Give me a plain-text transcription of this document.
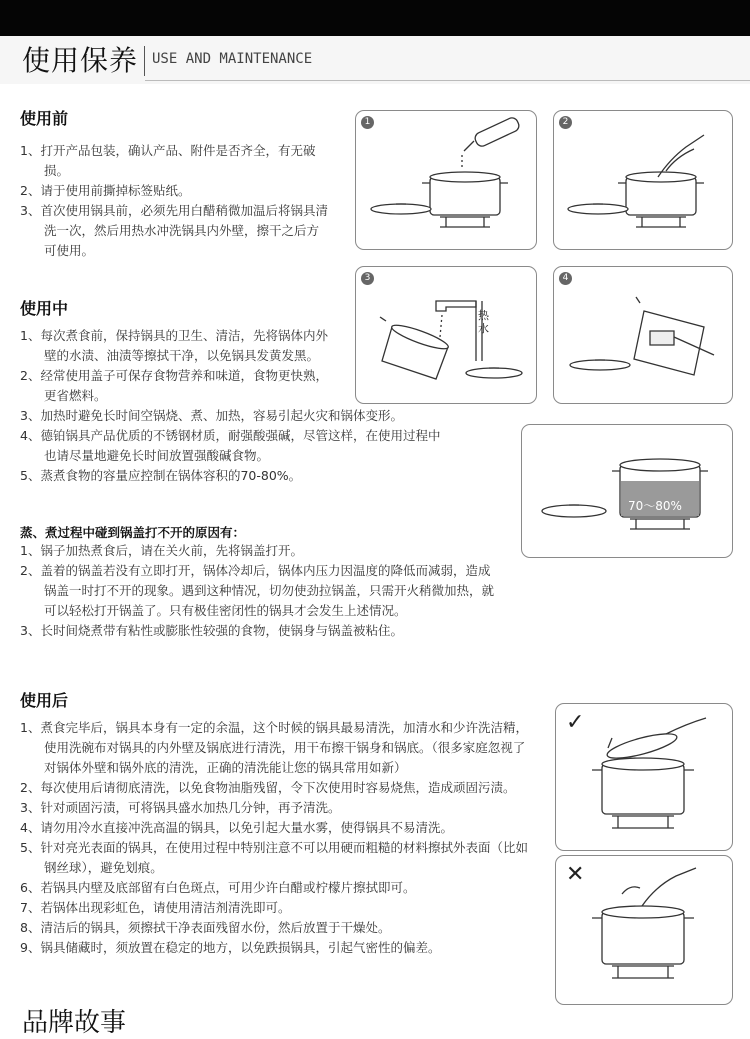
使用保养 USE AND MAINTENANCE
使用前
1、打开产品包装，确认产品、附件是否齐全，有无破损。
2、请于使用前撕掉标签贴纸。
3、首次使用锅具前，必须先用白醋稍微加温后将锅具清洗一次，然后用热水冲洗锅具内外壁，擦干之后方可使用。
使用中
1、每次煮食前，保持锅具的卫生、清洁，先将锅体内外壁的水渍、油渍等擦拭干净，以免锅具发黄发黑。
2、经常使用盖子可保存食物营养和味道，食物更快熟，更省燃料。
3、加热时避免长时间空锅烧、煮、加热，容易引起火灾和锅体变形。
4、德铂锅具产品优质的不锈钢材质，耐强酸强碱，尽管这样，在使用过程中也请尽量地避免长时间放置强酸碱食物。
5、蒸煮食物的容量应控制在锅体容积的70-80%。
蒸、煮过程中碰到锅盖打不开的原因有：
1、锅子加热煮食后，请在关火前，先将锅盖打开。
2、盖着的锅盖若没有立即打开，锅体冷却后，锅体内压力因温度的降低而减弱，造成锅盖一时打不开的现象。遇到这种情况，切勿使劲拉锅盖，只需开火稍微加热，就可以轻松打开锅盖了。只有极佳密闭性的锅具才会发生上述情况。
3、长时间烧煮带有粘性或膨胀性较强的食物，使锅身与锅盖被粘住。
使用后
1、煮食完毕后，锅具本身有一定的余温，这个时候的锅具最易清洗，加清水和少许洗洁精，使用洗碗布对锅具的内外壁及锅底进行清洗，用干布擦干锅身和锅底。（很多家庭忽视了对锅体外壁和锅外底的清洗，正确的清洗能让您的锅具常用如新）
2、每次使用后请彻底清洗，以免食物油脂残留，令下次使用时容易烧焦，造成顽固污渍。
3、针对顽固污渍，可将锅具盛水加热几分钟，再予清洗。
4、请勿用冷水直接冲洗高温的锅具，以免引起大量水雾，使得锅具不易清洗。
5、针对亮光表面的锅具，在使用过程中特别注意不可以用硬而粗糙的材料擦拭外表面（比如钢丝球），避免划痕。
6、若锅具内壁及底部留有白色斑点，可用少许白醋或柠檬片擦拭即可。
7、若锅体出现彩虹色，请使用清洁剂清洗即可。
8、清洁后的锅具，须擦拭干净表面残留水份，然后放置于干燥处。
9、锅具储藏时，须放置在稳定的地方，以免跌损锅具，引起气密性的偏差。
1	2
3
热水
4
70～80%
✓
✕
品牌故事
